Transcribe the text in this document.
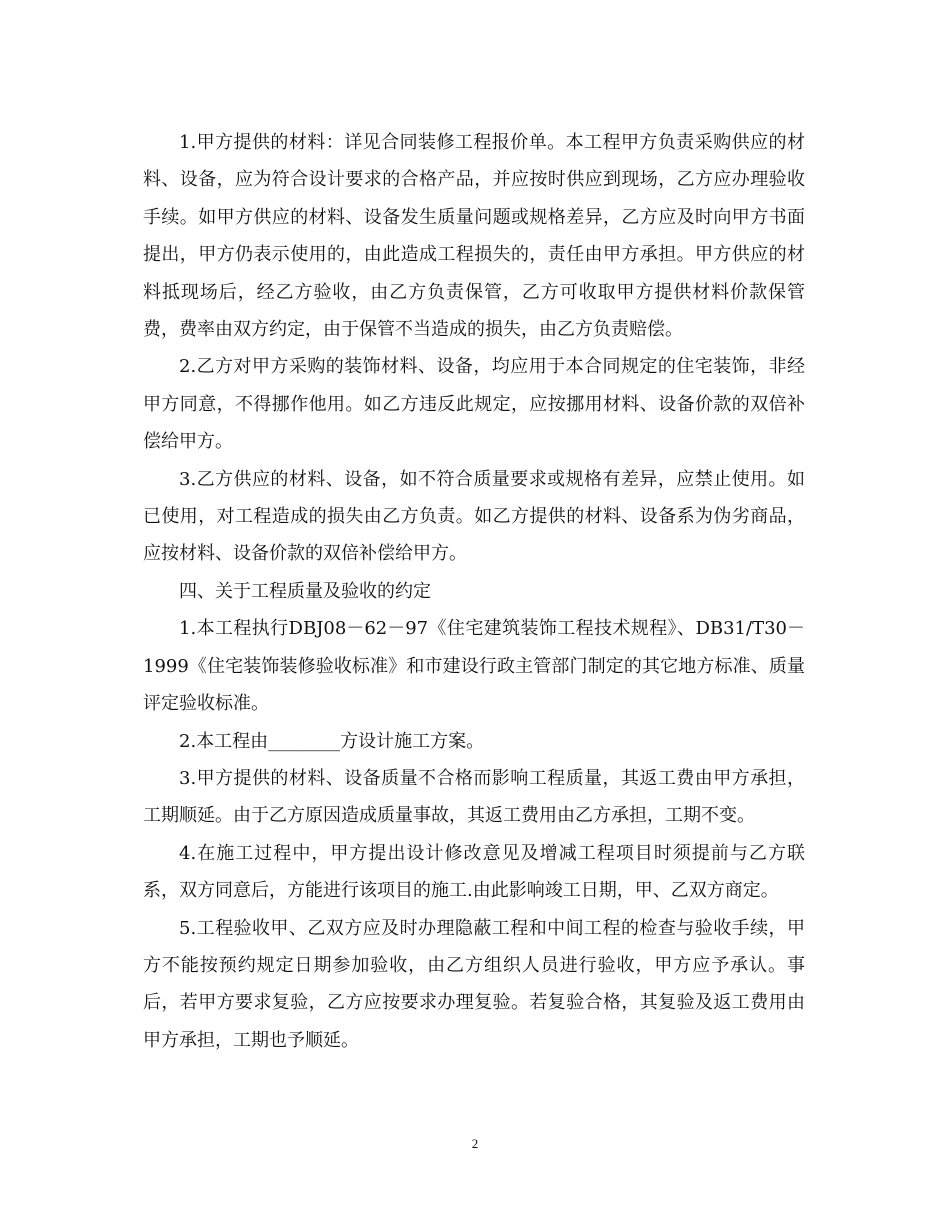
1.甲方提供的材料：详见合同装修工程报价单。本工程甲方负责采购供应的材料、设备，应为符合设计要求的合格产品，并应按时供应到现场，乙方应办理验收手续。如甲方供应的材料、设备发生质量问题或规格差异，乙方应及时向甲方书面提出，甲方仍表示使用的，由此造成工程损失的，责任由甲方承担。甲方供应的材料抵现场后，经乙方验收，由乙方负责保管，乙方可收取甲方提供材料价款保管费，费率由双方约定，由于保管不当造成的损失，由乙方负责赔偿。

2.乙方对甲方采购的装饰材料、设备，均应用于本合同规定的住宅装饰，非经甲方同意，不得挪作他用。如乙方违反此规定，应按挪用材料、设备价款的双倍补偿给甲方。

3.乙方供应的材料、设备，如不符合质量要求或规格有差异，应禁止使用。如已使用，对工程造成的损失由乙方负责。如乙方提供的材料、设备系为伪劣商品，应按材料、设备价款的双倍补偿给甲方。

四、关于工程质量及验收的约定

1.本工程执行DBJ08－62－97《住宅建筑装饰工程技术规程》、DB31/T30－1999《住宅装饰装修验收标准》和市建设行政主管部门制定的其它地方标准、质量评定验收标准。

2.本工程由________方设计施工方案。

3.甲方提供的材料、设备质量不合格而影响工程质量，其返工费由甲方承担，工期顺延。由于乙方原因造成质量事故，其返工费用由乙方承担，工期不变。

4.在施工过程中，甲方提出设计修改意见及增减工程项目时须提前与乙方联系，双方同意后，方能进行该项目的施工.由此影响竣工日期，甲、乙双方商定。

5.工程验收甲、乙双方应及时办理隐蔽工程和中间工程的检查与验收手续，甲方不能按预约规定日期参加验收，由乙方组织人员进行验收，甲方应予承认。事后，若甲方要求复验，乙方应按要求办理复验。若复验合格，其复验及返工费用由甲方承担，工期也予顺延。

2
